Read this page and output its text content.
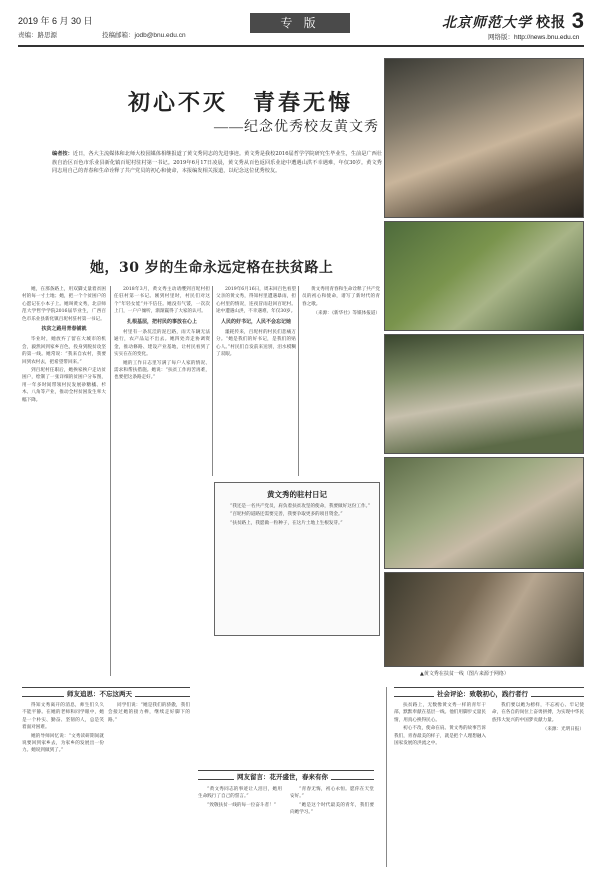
2019 年 6 月 30 日
责编：路思源	投稿邮箱：jodb@bnu.edu.cn
专 版	北京师范大学 校报 3
网络版：http://news.bnu.edu.cn
初心不灭　青春无悔
——纪念优秀校友黄文秀
编者按：近日，各大主流媒体和北师大校园媒体相继报道了黄文秀同志的先进事迹。黄文秀是我校2016届哲学学院研究生毕业生，生前是广西壮族自治区百色市乐业县新化镇百坭村驻村第一书记。2019年6月17日凌晨，黄文秀从百色返回乐业途中遭遇山洪不幸遇难，年仅30岁。黄文秀同志用自己的青春和生命诠释了共产党员的初心和使命，本报编发相关报道，以纪念这位优秀校友。
她，30 岁的生命永远定格在扶贫路上
她，在那条路上，用双脚丈量着贫困村的每一寸土地；她，把一个个贫困户的心愿记在小本子上。她叫黄文秀，北京师范大学哲学学院2016届毕业生，广西百色市乐业县新化镇百坭村驻村第一书记。
扶贫之路用青春铺就
毕业时，她放弃了留在大城市的机会，毅然回到家乡百色，投身到脱贫攻坚的第一线。她常说：“我来自农村，我要回到农村去，把希望带回来。”
到百坭村任职后，她挨家挨户走访贫困户，绘制了一张详细的贫困户分布图，用一年多时间带领村民发展砂糖橘、杉木、八角等产业，推动全村贫困发生率大幅下降。
2018年3月，黄文秀主动请缨到百坭村担任驻村第一书记。刚到村里时，村民们对这个“年轻女娃”并不信任。她没有气馁，一次次上门，一户户倾听，渐渐赢得了大家的认可。
扎根基层，把村民的事放在心上
村里有一条坑洼的泥巴路，雨天车辆无法通行，农产品运不出去。她四处奔走协调资金，推动修路、建设产业基地，让村民看到了实实在在的变化。
她的工作日志里写满了每户人家的情况、需求和帮扶措施。她说：“扶贫工作再苦再难，也要把这条路走好。”
2019年6月16日，周末回百色看望父亲的黄文秀，得知村里遭遇暴雨，担心村里的情况，连夜冒雨赶回百坭村。途中遭遇山洪，不幸遇难，年仅30岁。
人民的好书记，人民不会忘记她
噩耗传来，百坭村的村民们悲痛万分。“她是我们的好书记，是我们的贴心人。”村民们自发前来送别，泪水模糊了双眼。
黄文秀用青春和生命诠释了共产党员的初心和使命，谱写了新时代的青春之歌。
（来源：《新华社》等媒体报道）
黄文秀的驻村日记
“我还是一名共产党员，肩负着扶贫攻坚的使命，我要做好这份工作。”
“百坭村的道路还需要完善，我要争取更多的项目资金。”
“扶贫路上，我愿做一粒种子，在这片土地上生根发芽。”
▲黄文秀在扶贫一线（图片来源于网络）
师友追思：不忘这两天
网友留言：花开盛世，春来有你
社会评论：致敬初心，践行者行
得知文秀离开的消息，师生们久久不能平静。在她的老师和同学眼中，她是一个朴实、勤奋、坚韧的人，总是笑着面对困难。
她的导师回忆说：“文秀读研期间就说要回到家乡去，为家乡的发展出一份力。她说到做到了。”
同学们说：“她是我们的骄傲，我们会接过她的接力棒，继续走好脚下的路。”
“黄文秀同志的事迹让人泪目，她用生命践行了自己的誓言。”
“致敬扶贫一线的每一位奋斗者！”
“青春无悔，初心永恒。愿你在天堂安好。”
“她是这个时代最美的青年，我们要向她学习。”
扶贫路上，无数像黄文秀一样的青年干部，默默奉献在基层一线。他们用脚步丈量民情，用真心换得民心。
初心不改，使命在肩。黄文秀的故事告诉我们，青春最美的样子，就是把个人理想融入国家发展的洪流之中。
我们要以她为榜样，不忘初心、牢记使命，在各自的岗位上奋勇拼搏，为实现中华民族伟大复兴的中国梦贡献力量。
（来源：光明日报）
